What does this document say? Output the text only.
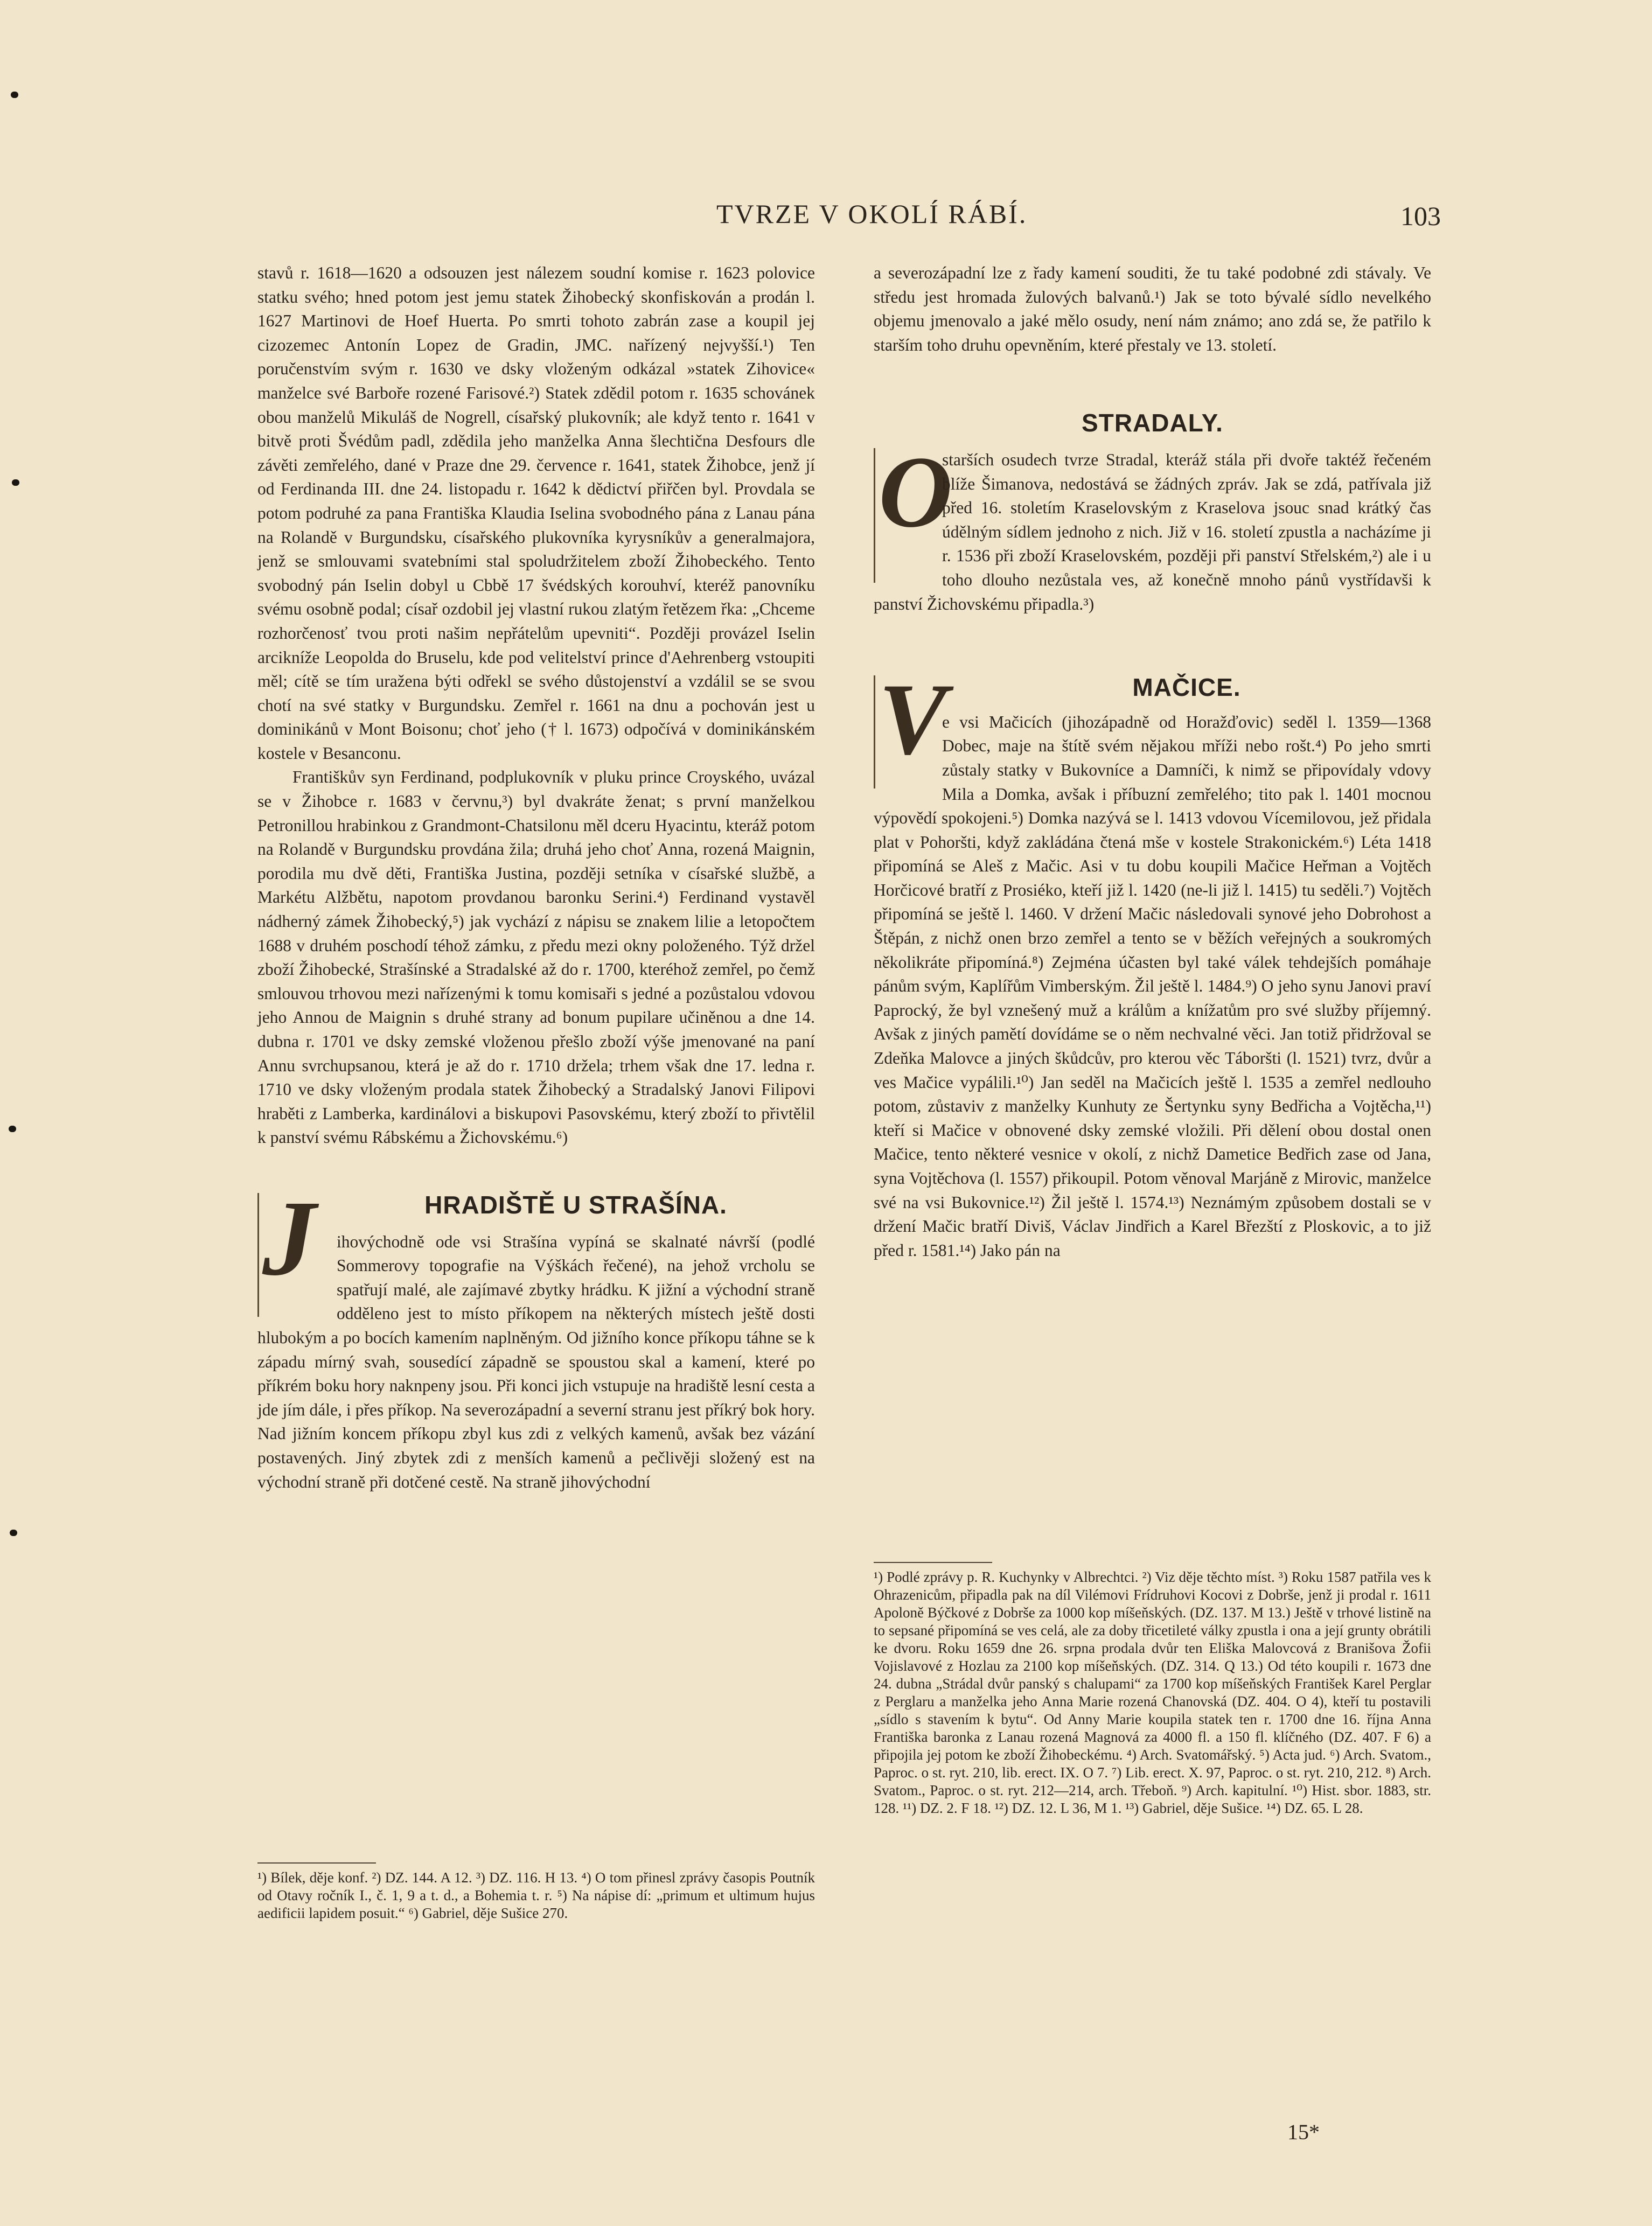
TVRZE V OKOLÍ RÁBÍ.	103

stavů r. 1618—1620 a odsouzen jest nálezem soudní komise r. 1623 polovice statku svého; hned potom jest jemu statek Žihobecký skonfiskován a prodán l. 1627 Martinovi de Hoef Huerta. Po smrti tohoto zabrán zase a koupil jej cizozemec Antonín Lopez de Gradin, JMC. nařízený nejvyšší.¹) Ten poručenstvím svým r. 1630 ve dsky vloženým odkázal »statek Zihovice« manželce své Barboře rozené Farisové.²) Statek zdědil potom r. 1635 schovánek obou manželů Mikuláš de Nogrell, císařský plukovník; ale když tento r. 1641 v bitvě proti Švédům padl, zdědila jeho manželka Anna šlechtična Desfours dle závěti zemřelého, dané v Praze dne 29. července r. 1641, statek Žihobce, jenž jí od Ferdinanda III. dne 24. listopadu r. 1642 k dědictví přiřčen byl. Provdala se potom podruhé za pana Františka Klaudia Iselina svobodného pána z Lanau pána na Rolandě v Burgundsku, císařského plukovníka kyrysníkův a generalmajora, jenž se smlouvami svatebními stal spoludržitelem zboží Žihobeckého. Tento svobodný pán Iselin dobyl u Cbbě 17 švédských korouhví, kteréž panovníku svému osobně podal; císař ozdobil jej vlastní rukou zlatým řetězem řka: „Chceme rozhorčenosť tvou proti našim nepřátelům upevniti“. Později provázel Iselin arcikníže Leopolda do Bruselu, kde pod velitelství prince d'Aehrenberg vstoupiti měl; cítě se tím uražena býti odřekl se svého důstojenství a vzdálil se se svou chotí na své statky v Burgundsku. Zemřel r. 1661 na dnu a pochován jest u dominikánů v Mont Boisonu; choť jeho († l. 1673) odpočívá v dominikánském kostele v Besanconu.

Františkův syn Ferdinand, podplukovník v pluku prince Croyského, uvázal se v Žihobce r. 1683 v červnu,³) byl dvakráte ženat; s první manželkou Petronillou hrabinkou z Grandmont-Chatsilonu měl dceru Hyacintu, kteráž potom na Rolandě v Burgundsku provdána žila; druhá jeho choť Anna, rozená Maignin, porodila mu dvě děti, Františka Justina, později setníka v císařské službě, a Markétu Alžbětu, napotom provdanou baronku Serini.⁴) Ferdinand vystavěl nádherný zámek Žihobecký,⁵) jak vychází z nápisu se znakem lilie a letopočtem 1688 v druhém poschodí téhož zámku, z předu mezi okny položeného. Týž držel zboží Žihobecké, Strašínské a Stradalské až do r. 1700, kteréhož zemřel, po čemž smlouvou trhovou mezi nařízenými k tomu komisaři s jedné a pozůstalou vdovou jeho Annou de Maignin s druhé strany ad bonum pupilare učiněnou a dne 14. dubna r. 1701 ve dsky zemské vloženou přešlo zboží výše jmenované na paní Annu svrchupsanou, která je až do r. 1710 držela; trhem však dne 17. ledna r. 1710 ve dsky vloženým prodala statek Žihobecký a Stradalský Janovi Filipovi hraběti z Lamberka, kardinálovi a biskupovi Pasovskému, který zboží to přivtělil k panství svému Rábskému a Žichovskému.⁶)

J	HRADIŠTĚ U STRAŠÍNA.

ihovýchodně ode vsi Strašína vypíná se skalnaté návrší (podlé Sommerovy topografie na Výškách řečené), na jehož vrcholu se spatřují malé, ale zajímavé zbytky hrádku. K jižní a východní straně odděleno jest to místo příkopem na některých místech ještě dosti hlubokým a po bocích kamením naplněným. Od jižního konce příkopu táhne se k západu mírný svah, sousedící západně se spoustou skal a kamení, které po příkrém boku hory naknpeny jsou. Při konci jich vstupuje na hradiště lesní cesta a jde jím dále, i přes příkop. Na severozápadní a severní stranu jest příkrý bok hory. Nad jižním koncem příkopu zbyl kus zdi z velkých kamenů, avšak bez vázání postavených. Jiný zbytek zdi z menších kamenů a pečlivěji složený est na východní straně při dotčené cestě. Na straně jihovýchodní

¹) Bílek, děje konf. ²) DZ. 144. A 12. ³) DZ. 116. H 13. ⁴) O tom přinesl zprávy časopis Poutník od Otavy ročník I., č. 1, 9 a t. d., a Bohemia t. r. ⁵) Na nápise dí: „primum et ultimum hujus aedificii lapidem posuit.“ ⁶) Gabriel, děje Sušice 270.

a severozápadní lze z řady kamení souditi, že tu také podobné zdi stávaly. Ve středu jest hromada žulových balvanů.¹) Jak se toto bývalé sídlo nevelkého objemu jmenovalo a jaké mělo osudy, není nám známo; ano zdá se, že patřilo k starším toho druhu opevněním, které přestaly ve 13. století.

STRADALY.
O

starších osudech tvrze Stradal, kteráž stála při dvoře taktéž řečeném blíže Šimanova, nedostává se žádných zpráv. Jak se zdá, patřívala již před 16. stoletím Kraselovským z Kraselova jsouc snad krátký čas údělným sídlem jednoho z nich. Již v 16. století zpustla a nacházíme ji r. 1536 při zboží Kraselovském, později při panství Střelském,²) ale i u toho dlouho nezůstala ves, až konečně mnoho pánů vystřídavši k panství Žichovskému připadla.³)

V	MAČICE.

e vsi Mačicích (jihozápadně od Horažďovic) seděl l. 1359—1368 Dobec, maje na štítě svém nějakou mříži nebo rošt.⁴) Po jeho smrti zůstaly statky v Bukovníce a Damníči, k nimž se připovídaly vdovy Mila a Domka, avšak i příbuzní zemřelého; tito pak l. 1401 mocnou výpovědí spokojeni.⁵) Domka nazývá se l. 1413 vdovou Vícemilovou, jež přidala plat v Pohoršti, když zakládána čtená mše v kostele Strakonickém.⁶) Léta 1418 připomíná se Aleš z Mačic. Asi v tu dobu koupili Mačice Heřman a Vojtěch Horčicové bratří z Prosiéko, kteří již l. 1420 (ne-li již l. 1415) tu seděli.⁷) Vojtěch připomíná se ještě l. 1460. V držení Mačic následovali synové jeho Dobrohost a Štěpán, z nichž onen brzo zemřel a tento se v běžích veřejných a soukromých několikráte připomíná.⁸) Zejména účasten byl také válek tehdejších pomáhaje pánům svým, Kaplířům Vimberským. Žil ještě l. 1484.⁹) O jeho synu Janovi praví Paprocký, že byl vznešený muž a králům a knížatům pro své služby příjemný. Avšak z jiných pamětí dovídáme se o něm nechvalné věci. Jan totiž přidržoval se Zdeňka Malovce a jiných škůdcův, pro kterou věc Táboršti (l. 1521) tvrz, dvůr a ves Mačice vypálili.¹⁰) Jan seděl na Mačicích ještě l. 1535 a zemřel nedlouho potom, zůstaviv z manželky Kunhuty ze Šertynku syny Bedřicha a Vojtěcha,¹¹) kteří si Mačice v obnovené dsky zemské vložili. Při dělení obou dostal onen Mačice, tento některé vesnice v okolí, z nichž Dametice Bedřich zase od Jana, syna Vojtěchova (l. 1557) přikoupil. Potom věnoval Marjáně z Mirovic, manželce své na vsi Bukovnice.¹²) Žil ještě l. 1574.¹³) Neznámým způsobem dostali se v držení Mačic bratří Diviš, Václav Jindřich a Karel Březští z Ploskovic, a to již před r. 1581.¹⁴) Jako pán na

¹) Podlé zprávy p. R. Kuchynky v Albrechtci. ²) Viz děje těchto míst. ³) Roku 1587 patřila ves k Ohrazenicům, připadla pak na díl Vilémovi Frídruhovi Kocovi z Dobrše, jenž ji prodal r. 1611 Apoloně Býčkové z Dobrše za 1000 kop míšeňských. (DZ. 137. M 13.) Ještě v trhové listině na to sepsané připomíná se ves celá, ale za doby třicetileté války zpustla i ona a její grunty obrátili ke dvoru. Roku 1659 dne 26. srpna prodala dvůr ten Eliška Malovcová z Branišova Žofii Vojislavové z Hozlau za 2100 kop míšeňských. (DZ. 314. Q 13.) Od této koupili r. 1673 dne 24. dubna „Strádal dvůr panský s chalupami“ za 1700 kop míšeňských František Karel Perglar z Perglaru a manželka jeho Anna Marie rozená Chanovská (DZ. 404. O 4), kteří tu postavili „sídlo s stavením k bytu“. Od Anny Marie koupila statek ten r. 1700 dne 16. října Anna Františka baronka z Lanau rozená Magnová za 4000 fl. a 150 fl. klíčného (DZ. 407. F 6) a připojila jej potom ke zboží Žihobeckému. ⁴) Arch. Svatomářský. ⁵) Acta jud. ⁶) Arch. Svatom., Paproc. o st. ryt. 210, lib. erect. IX. O 7. ⁷) Lib. erect. X. 97, Paproc. o st. ryt. 210, 212. ⁸) Arch. Svatom., Paproc. o st. ryt. 212—214, arch. Třeboň. ⁹) Arch. kapitulní. ¹⁰) Hist. sbor. 1883, str. 128. ¹¹) DZ. 2. F 18. ¹²) DZ. 12. L 36, M 1. ¹³) Gabriel, děje Sušice. ¹⁴) DZ. 65. L 28.
15*
